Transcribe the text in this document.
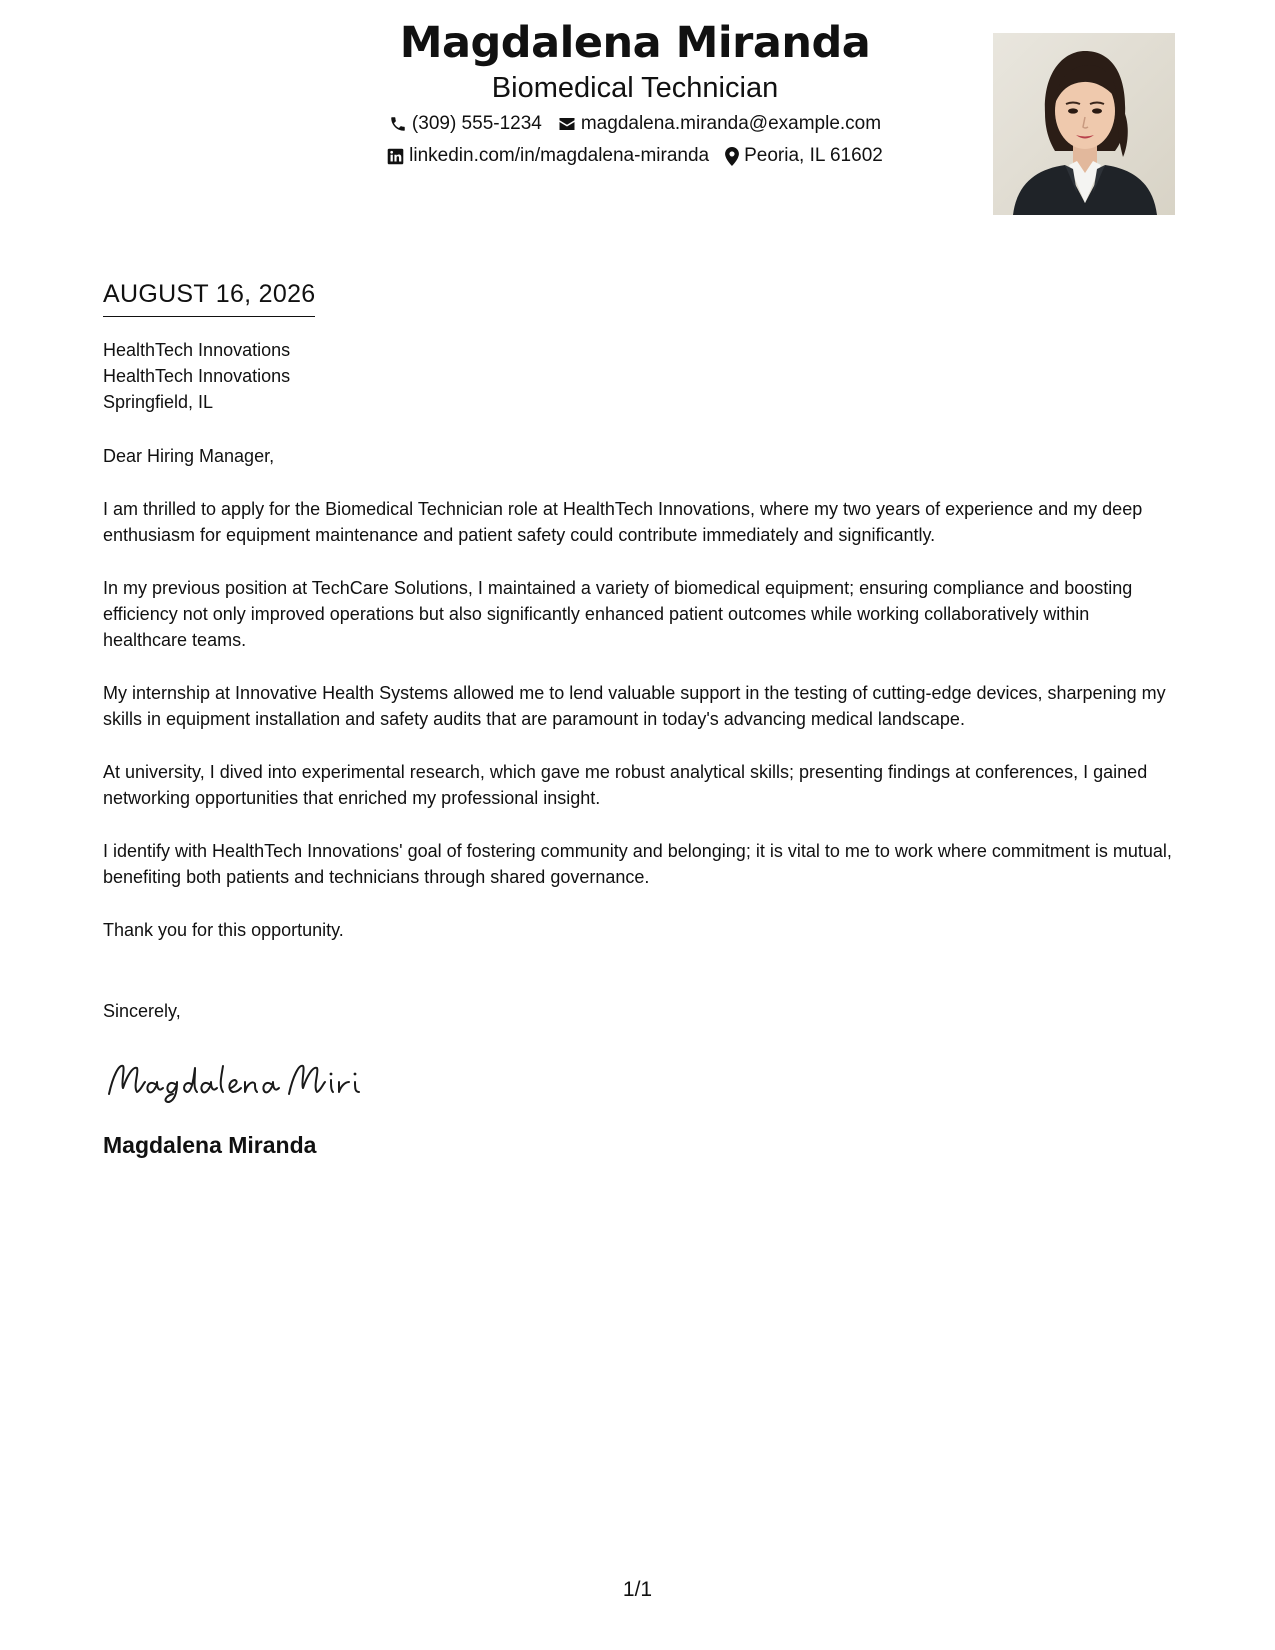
Magdalena Miranda
Biomedical Technician
(309) 555-1234 magdalena.miranda@example.com
linkedin.com/in/magdalena-miranda Peoria, IL 61602
AUGUST 16, 2026
HealthTech Innovations
HealthTech Innovations
Springfield, IL
Dear Hiring Manager,
I am thrilled to apply for the Biomedical Technician role at HealthTech Innovations, where my two years of experience and my deep enthusiasm for equipment maintenance and patient safety could contribute immediately and significantly.
In my previous position at TechCare Solutions, I maintained a variety of biomedical equipment; ensuring compliance and boosting efficiency not only improved operations but also significantly enhanced patient outcomes while working collaboratively within healthcare teams.
My internship at Innovative Health Systems allowed me to lend valuable support in the testing of cutting-edge devices, sharpening my skills in equipment installation and safety audits that are paramount in today's advancing medical landscape.
At university, I dived into experimental research, which gave me robust analytical skills; presenting findings at conferences, I gained networking opportunities that enriched my professional insight.
I identify with HealthTech Innovations' goal of fostering community and belonging; it is vital to me to work where commitment is mutual, benefiting both patients and technicians through shared governance.
Thank you for this opportunity.
Sincerely,
Magdalena Miranda
1/1
